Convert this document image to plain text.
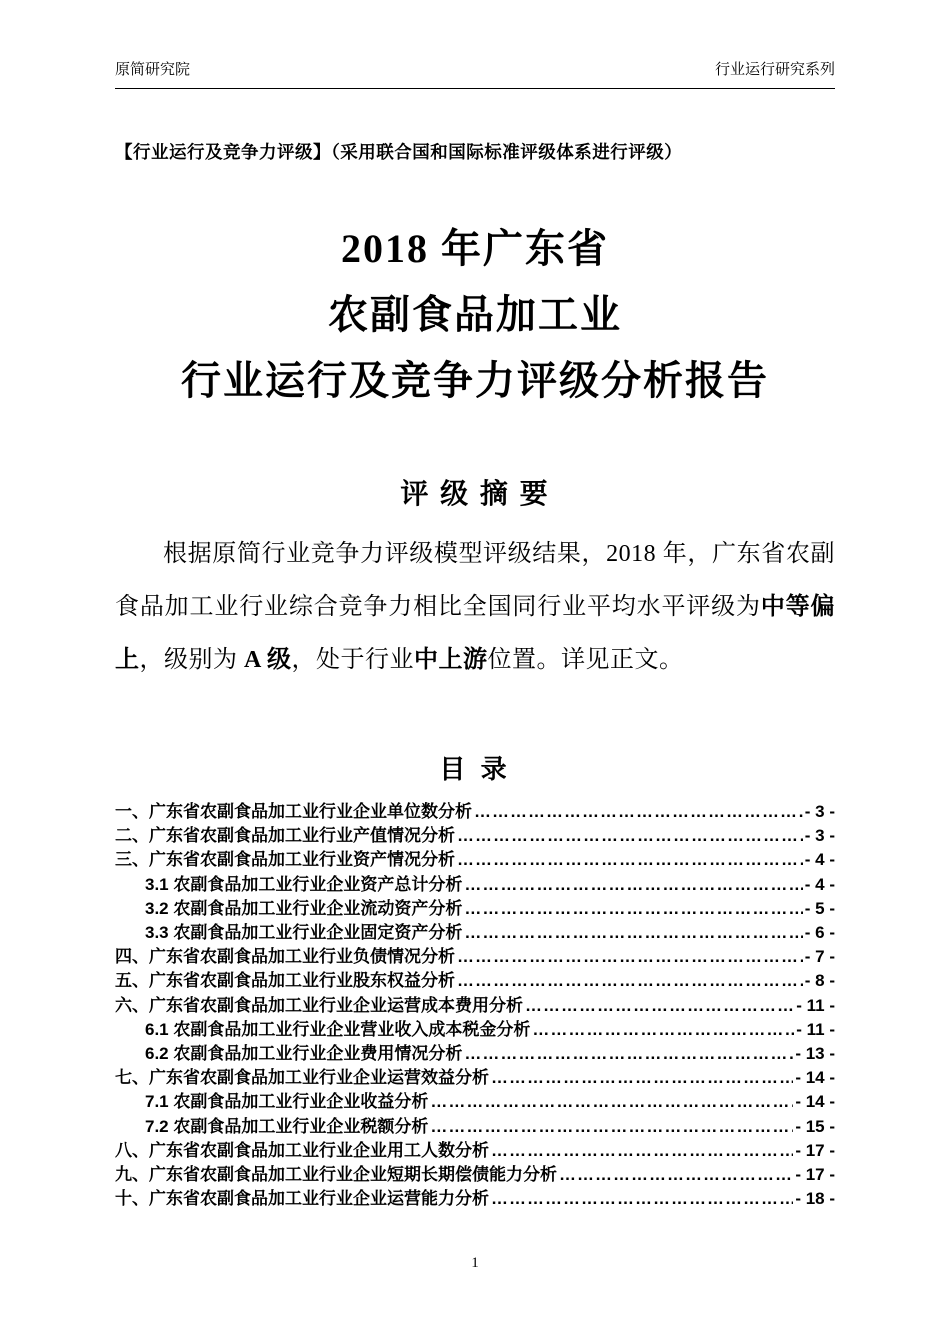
原简研究院	行业运行研究系列
【行业运行及竞争力评级】（采用联合国和国际标准评级体系进行评级）
2018 年广东省
农副食品加工业
行业运行及竞争力评级分析报告
评 级 摘 要
根据原简行业竞争力评级模型评级结果，2018 年，广东省农副食品加工业行业综合竞争力相比全国同行业平均水平评级为中等偏上，级别为 A 级，处于行业中上游位置。详见正文。
目 录
一、广东省农副食品加工业行业企业单位数分析 ……………………………………………………………………………………………………………………………………	- 3 -
二、广东省农副食品加工业行业产值情况分析 ……………………………………………………………………………………………………………………………………	- 3 -
三、广东省农副食品加工业行业资产情况分析 ……………………………………………………………………………………………………………………………………	- 4 -
3.1 农副食品加工业行业企业资产总计分析 ……………………………………………………………………………………………………………………………………	- 4 -
3.2 农副食品加工业行业企业流动资产分析 ……………………………………………………………………………………………………………………………………	- 5 -
3.3 农副食品加工业行业企业固定资产分析 ……………………………………………………………………………………………………………………………………	- 6 -
四、广东省农副食品加工业行业负债情况分析 ……………………………………………………………………………………………………………………………………	- 7 -
五、广东省农副食品加工业行业股东权益分析 ……………………………………………………………………………………………………………………………………	- 8 -
六、广东省农副食品加工业行业企业运营成本费用分析 ……………………………………………………………………………………………………………………………………	- 11 -
6.1 农副食品加工业行业企业营业收入成本税金分析 ……………………………………………………………………………………………………………………………………	- 11 -
6.2 农副食品加工业行业企业费用情况分析 ……………………………………………………………………………………………………………………………………	- 13 -
七、广东省农副食品加工业行业企业运营效益分析 ……………………………………………………………………………………………………………………………………	- 14 -
7.1 农副食品加工业行业企业收益分析 ……………………………………………………………………………………………………………………………………	- 14 -
7.2 农副食品加工业行业企业税额分析 ……………………………………………………………………………………………………………………………………	- 15 -
八、广东省农副食品加工业行业企业用工人数分析 ……………………………………………………………………………………………………………………………………	- 17 -
九、广东省农副食品加工业行业企业短期长期偿债能力分析 ……………………………………………………………………………………………………………………………………	- 17 -
十、广东省农副食品加工业行业企业运营能力分析 ……………………………………………………………………………………………………………………………………	- 18 -
1
